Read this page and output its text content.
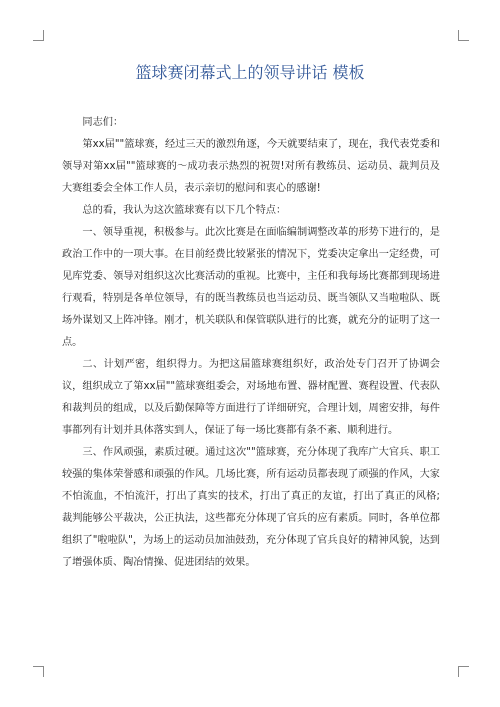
篮球赛闭幕式上的领导讲话 模板

同志们：

第xx届""篮球赛，经过三天的激烈角逐，今天就要结束了，现在，我代表党委和领导对第xx届""篮球赛的～成功表示热烈的祝贺!对所有教练员、运动员、裁判员及大赛组委会全体工作人员，表示亲切的慰问和衷心的感谢!

总的看，我认为这次篮球赛有以下几个特点：

一、领导重视，积极参与。此次比赛是在面临编制调整改革的形势下进行的，是政治工作中的一项大事。在目前经费比较紧张的情况下，党委决定拿出一定经费，可见库党委、领导对组织这次比赛活动的重视。比赛中，主任和我每场比赛都到现场进行观看，特别是各单位领导，有的既当教练员也当运动员、既当领队又当啦啦队、既场外谋划又上阵冲锋。刚才，机关联队和保管联队进行的比赛，就充分的证明了这一点。

二、计划严密，组织得力。为把这届篮球赛组织好，政治处专门召开了协调会议，组织成立了第xx届""篮球赛组委会，对场地布置、器材配置、赛程设置、代表队和裁判员的组成，以及后勤保障等方面进行了详细研究，合理计划，周密安排，每件事都列有计划并具体落实到人，保证了每一场比赛都有条不紊、顺利进行。

三、作风顽强，素质过硬。通过这次""篮球赛，充分体现了我库广大官兵、职工较强的集体荣誉感和顽强的作风。几场比赛，所有运动员都表现了顽强的作风，大家不怕流血，不怕流汗，打出了真实的技术，打出了真正的友谊，打出了真正的风格;裁判能够公平裁决，公正执法，这些都充分体现了官兵的应有素质。同时，各单位都组织了"啦啦队"，为场上的运动员加油鼓劲，充分体现了官兵良好的精神风貌，达到了增强体质、陶冶情操、促进团结的效果。
